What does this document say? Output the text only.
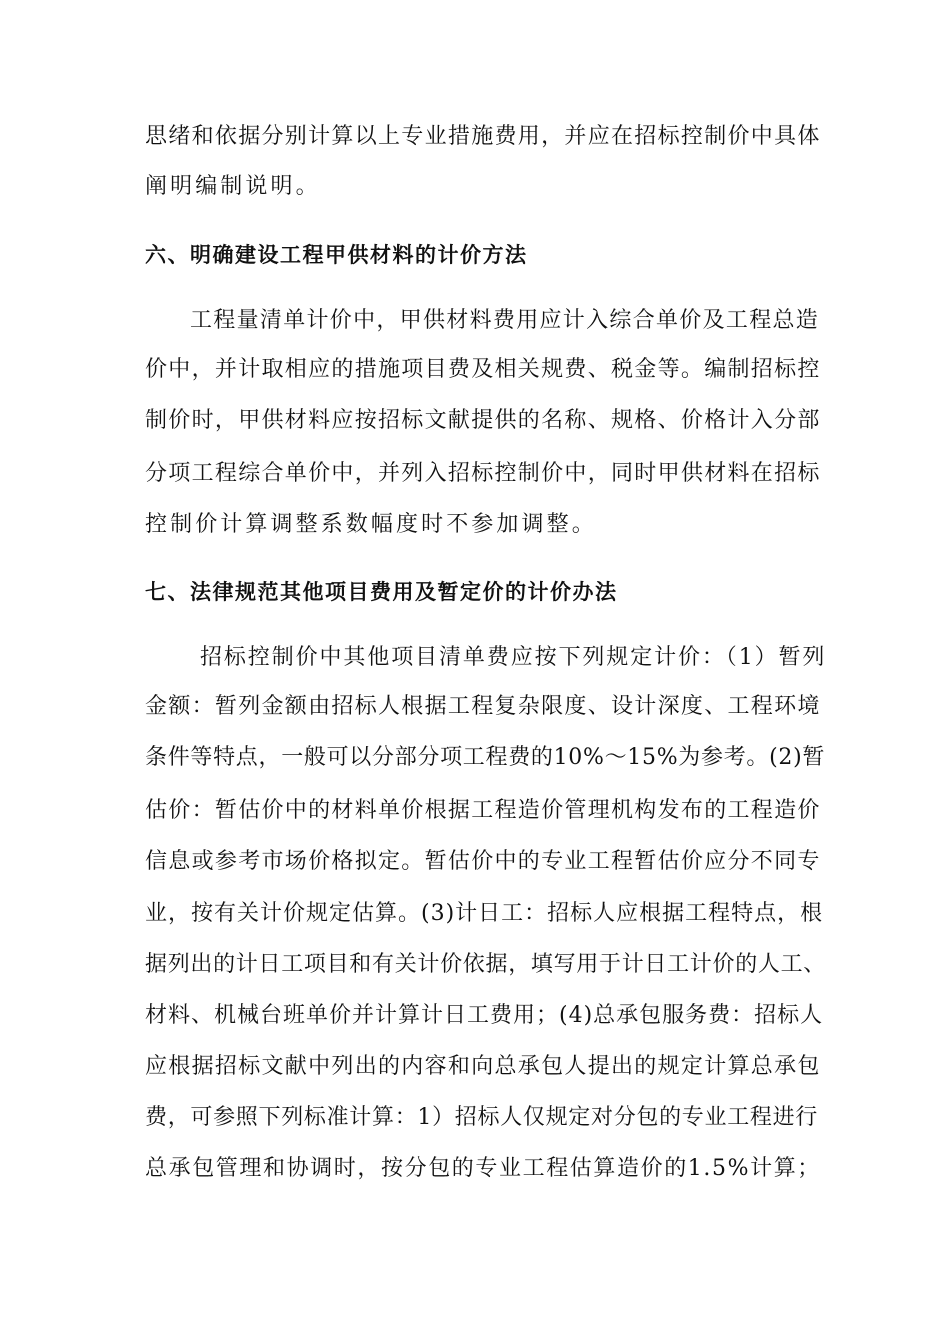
思绪和依据分别计算以上专业措施费用，并应在招标控制价中具体
阐明编制说明。
六、明确建设工程甲供材料的计价方法
工程量清单计价中，甲供材料费用应计入综合单价及工程总造
价中，并计取相应的措施项目费及相关规费、税金等。编制招标控
制价时，甲供材料应按招标文献提供的名称、规格、价格计入分部
分项工程综合单价中，并列入招标控制价中，同时甲供材料在招标
控制价计算调整系数幅度时不参加调整。
七、法律规范其他项目费用及暂定价的计价办法
招标控制价中其他项目清单费应按下列规定计价：（1）暂列
金额：暂列金额由招标人根据工程复杂限度、设计深度、工程环境
条件等特点，一般可以分部分项工程费的10%～15%为参考。(2)暂
估价：暂估价中的材料单价根据工程造价管理机构发布的工程造价
信息或参考市场价格拟定。暂估价中的专业工程暂估价应分不同专
业，按有关计价规定估算。(3)计日工：招标人应根据工程特点，根
据列出的计日工项目和有关计价依据，填写用于计日工计价的人工、
材料、机械台班单价并计算计日工费用；(4)总承包服务费：招标人
应根据招标文献中列出的内容和向总承包人提出的规定计算总承包
费，可参照下列标准计算：1）招标人仅规定对分包的专业工程进行
总承包管理和协调时，按分包的专业工程估算造价的1.5%计算；
